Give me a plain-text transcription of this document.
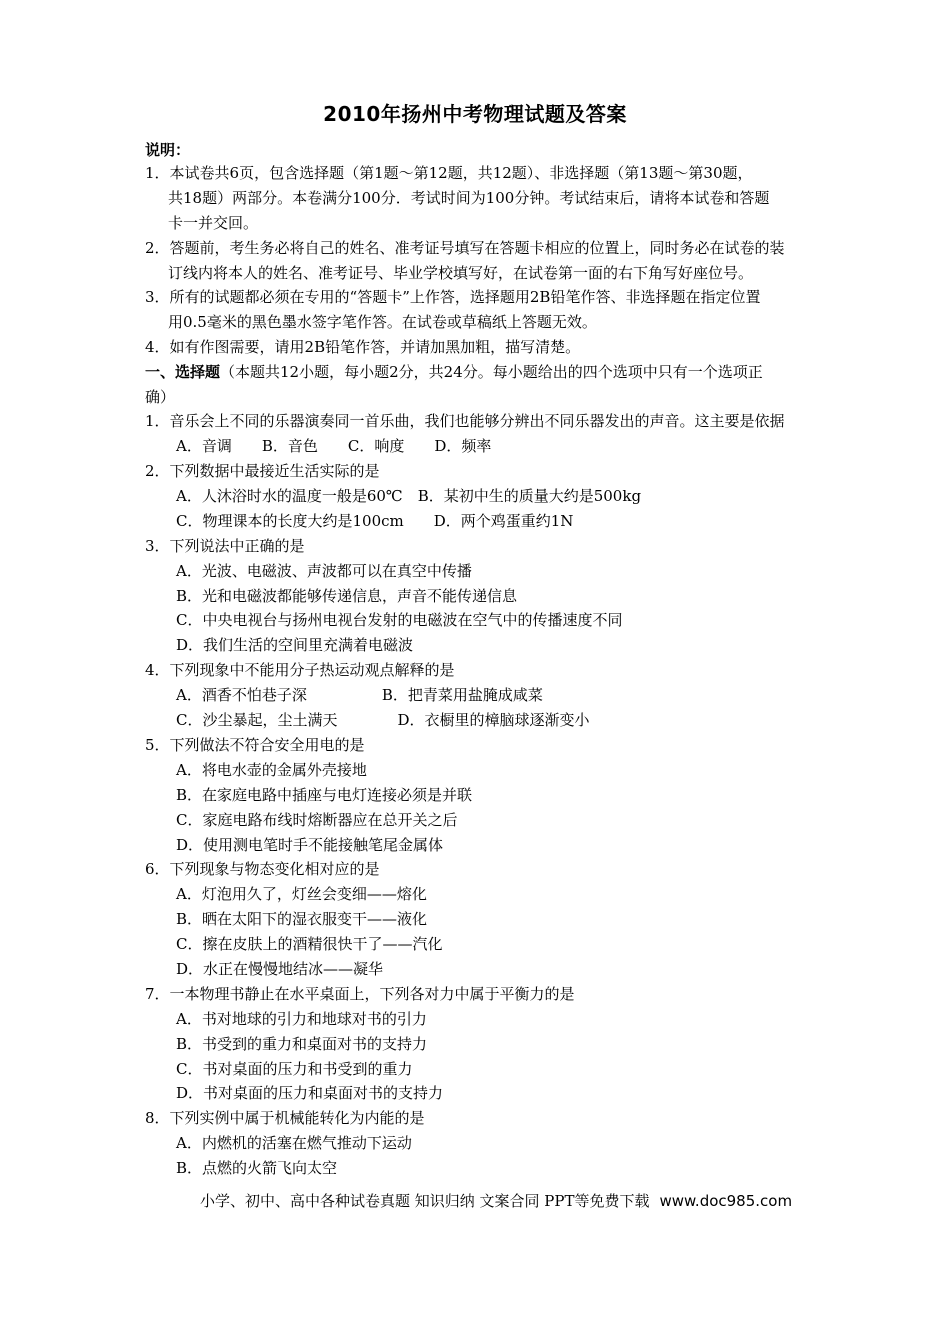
2010年扬州中考物理试题及答案
说明：
1．本试卷共6页，包含选择题（第1题～第12题，共12题）、非选择题（第13题～第30题，
共18题）两部分。本卷满分100分．考试时间为100分钟。考试结束后，请将本试卷和答题
卡一并交回。
2．答题前，考生务必将自己的姓名、准考证号填写在答题卡相应的位置上，同时务必在试卷的装
订线内将本人的姓名、准考证号、毕业学校填写好，在试卷第一面的右下角写好座位号。
3．所有的试题都必须在专用的“答题卡”上作答，选择题用2B铅笔作答、非选择题在指定位置
用0.5毫米的黑色墨水签字笔作答。在试卷或草稿纸上答题无效。
4．如有作图需要，请用2B铅笔作答，并请加黑加粗，描写清楚。
一、选择题（本题共12小题，每小题2分，共24分。每小题给出的四个选项中只有一个选项正
确）
1．音乐会上不同的乐器演奏同一首乐曲，我们也能够分辨出不同乐器发出的声音。这主要是依据
A．音调　　B．音色　　C．响度　　D．频率
2．下列数据中最接近生活实际的是
A．人沐浴时水的温度一般是60℃　B．某初中生的质量大约是500kg
C．物理课本的长度大约是100cm　　D．两个鸡蛋重约1N
3．下列说法中正确的是
A．光波、电磁波、声波都可以在真空中传播
B．光和电磁波都能够传递信息，声音不能传递信息
C．中央电视台与扬州电视台发射的电磁波在空气中的传播速度不同
D．我们生活的空间里充满着电磁波
4．下列现象中不能用分子热运动观点解释的是
A．酒香不怕巷子深　　　　　B．把青菜用盐腌成咸菜
C．沙尘暴起，尘土满天　　　　D．衣橱里的樟脑球逐渐变小
5．下列做法不符合安全用电的是
A．将电水壶的金属外壳接地
B．在家庭电路中插座与电灯连接必须是并联
C．家庭电路布线时熔断器应在总开关之后
D．使用测电笔时手不能接触笔尾金属体
6．下列现象与物态变化相对应的是
A．灯泡用久了，灯丝会变细——熔化
B．晒在太阳下的湿衣服变干——液化
C．擦在皮肤上的酒精很快干了——汽化
D．水正在慢慢地结冰——凝华
7．一本物理书静止在水平桌面上，下列各对力中属于平衡力的是
A．书对地球的引力和地球对书的引力
B．书受到的重力和桌面对书的支持力
C．书对桌面的压力和书受到的重力
D．书对桌面的压力和桌面对书的支持力
8．下列实例中属于机械能转化为内能的是
A．内燃机的活塞在燃气推动下运动
B．点燃的火箭飞向太空
小学、初中、高中各种试卷真题 知识归纳 文案合同 PPT等免费下载 www.doc985.com
